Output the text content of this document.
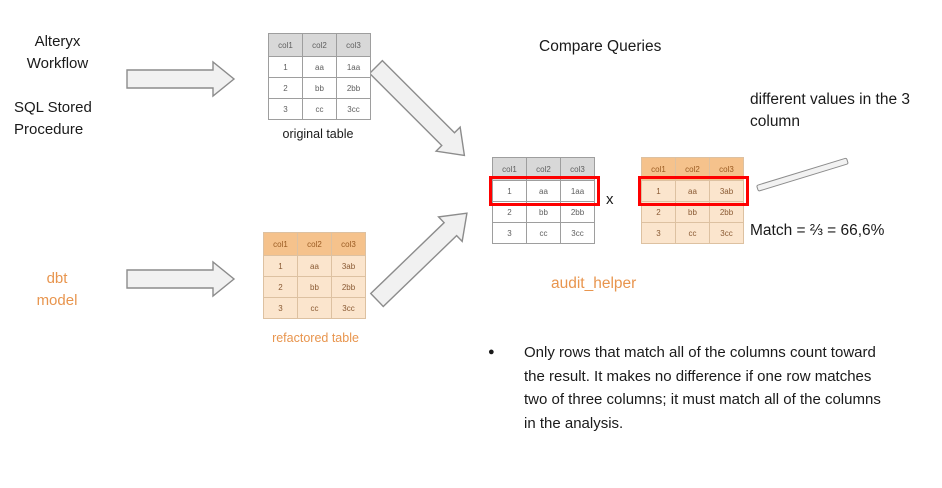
Alteryx Workflow
SQL Stored Procedure
dbt model
col1	col2	col3
1	aa	1aa
2	bb	2bb
3	cc	3cc
original table
col1	col2	col3
1	aa	3ab
2	bb	2bb
3	cc	3cc
refactored table
Compare Queries
col1	col2	col3
1	aa	1aa
2	bb	2bb
3	cc	3cc
x
col1	col2	col3
1	aa	3ab
2	bb	2bb
3	cc	3cc
different values in the 3 column
Match = ⅔ = 66,6%
audit_helper
●	Only rows that match all of the columns count toward the result. It makes no difference if one row matches two of three columns; it must match all of the columns in the analysis.
